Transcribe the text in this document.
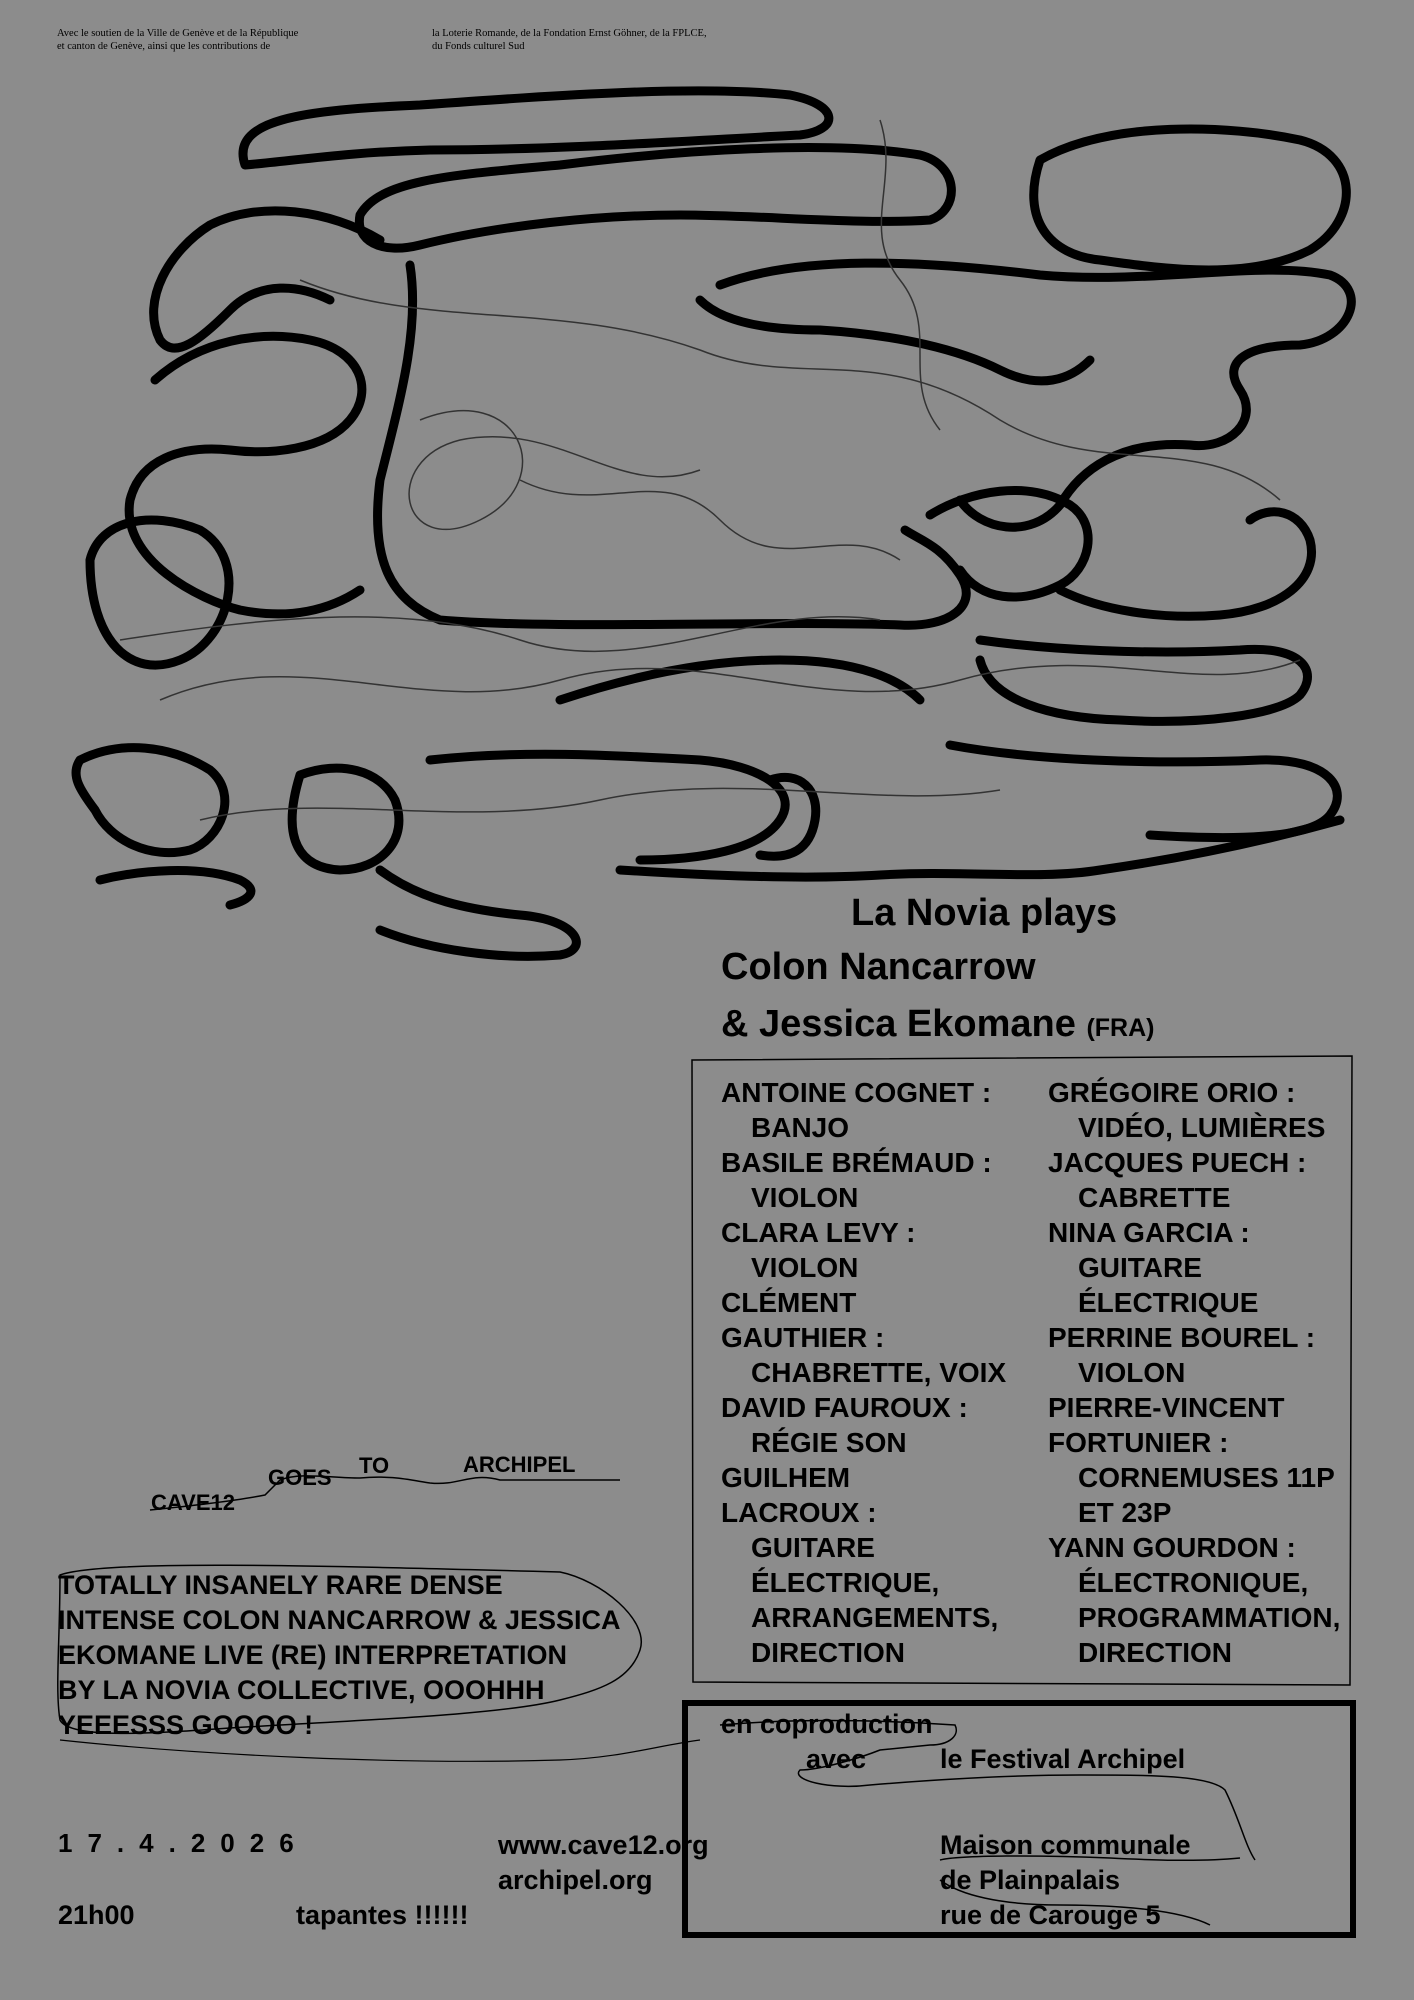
Avec le soutien de la Ville de Genève et de la République
et canton de Genève, ainsi que les contributions de
la Loterie Romande, de la Fondation Ernst Göhner, de la FPLCE,
du Fonds culturel Sud
La Novia plays
Colon Nancarrow
& Jessica Ekomane (FRA)
ANTOINE COGNET :
BANJO
BASILE BRÉMAUD :
VIOLON
CLARA LEVY :
VIOLON
CLÉMENT
GAUTHIER :
CHABRETTE, VOIX
DAVID FAUROUX :
RÉGIE SON
GUILHEM
LACROUX :
GUITARE
ÉLECTRIQUE,
ARRANGEMENTS,
DIRECTION
GRÉGOIRE ORIO :
VIDÉO, LUMIÈRES
JACQUES PUECH :
CABRETTE
NINA GARCIA :
GUITARE
ÉLECTRIQUE
PERRINE BOUREL :
VIOLON
PIERRE-VINCENT
FORTUNIER :
CORNEMUSES 11P
ET 23P
YANN GOURDON :
ÉLECTRONIQUE,
PROGRAMMATION,
DIRECTION
CAVE12
GOES TO	ARCHIPEL
TOTALLY INSANELY RARE DENSE
INTENSE COLON NANCARROW & JESSICA
EKOMANE LIVE (RE) INTERPRETATION
BY LA NOVIA COLLECTIVE, OOOHHH
YEEESSS GOOOO !	en coproduction
avec	le Festival Archipel
17.4.2026
21h00	tapantes !!!!!!
www.cave12.org
archipel.org
Maison communale
de Plainpalais
rue de Carouge 5
